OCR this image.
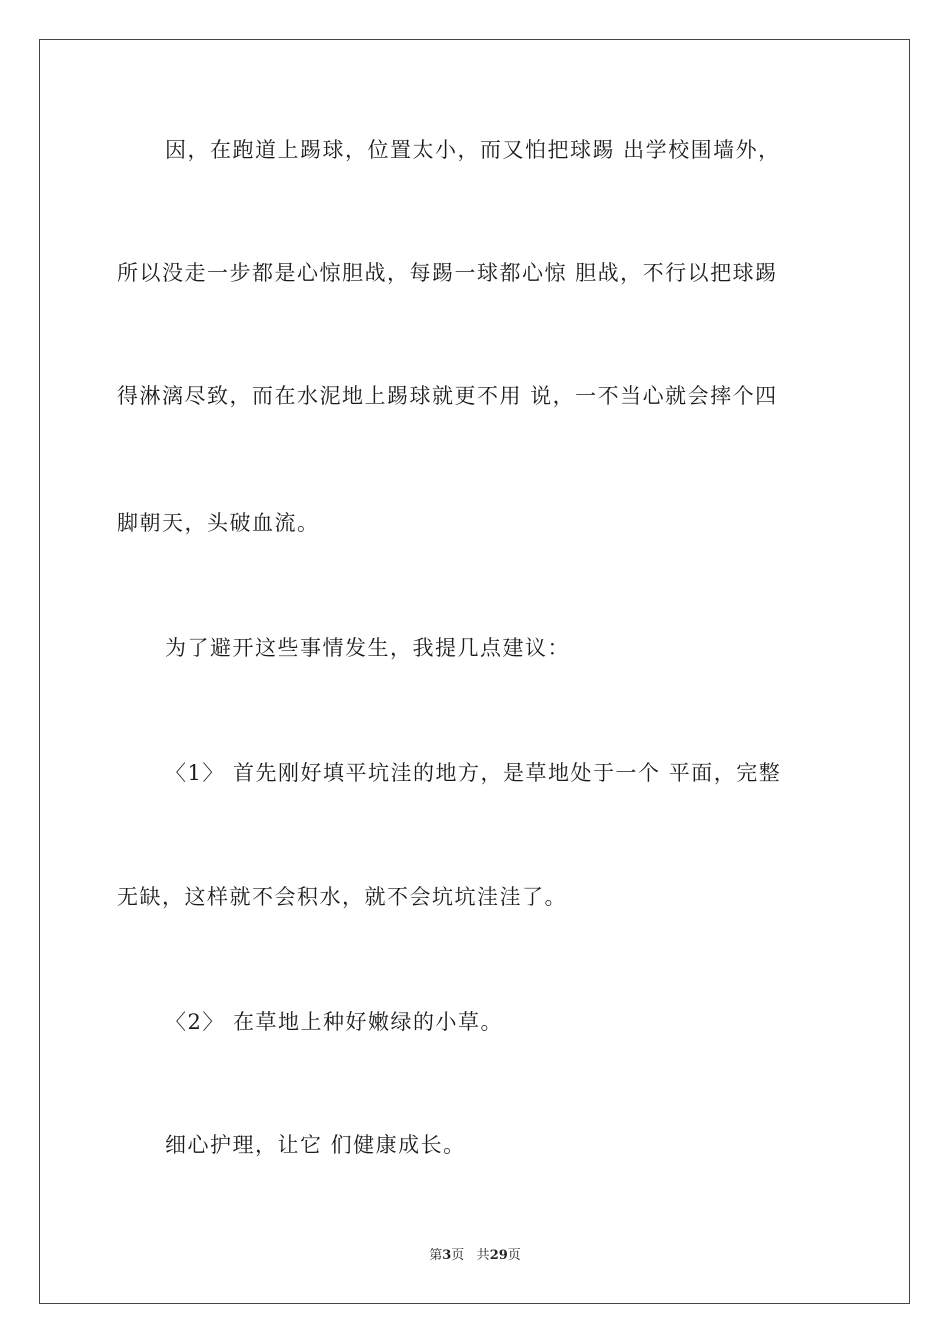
因，在跑道上踢球，位置太小，而又怕把球踢 出学校围墙外，
所以没走一步都是心惊胆战，每踢一球都心惊 胆战，不行以把球踢
得淋漓尽致，而在水泥地上踢球就更不用 说，一不当心就会摔个四
脚朝天，头破血流。
为了避开这些事情发生，我提几点建议：
〈1〉 首先刚好填平坑洼的地方，是草地处于一个 平面，完整
无缺，这样就不会积水，就不会坑坑洼洼了。
〈2〉 在草地上种好嫩绿的小草。
细心护理，让它 们健康成长。
第3页 共29页
